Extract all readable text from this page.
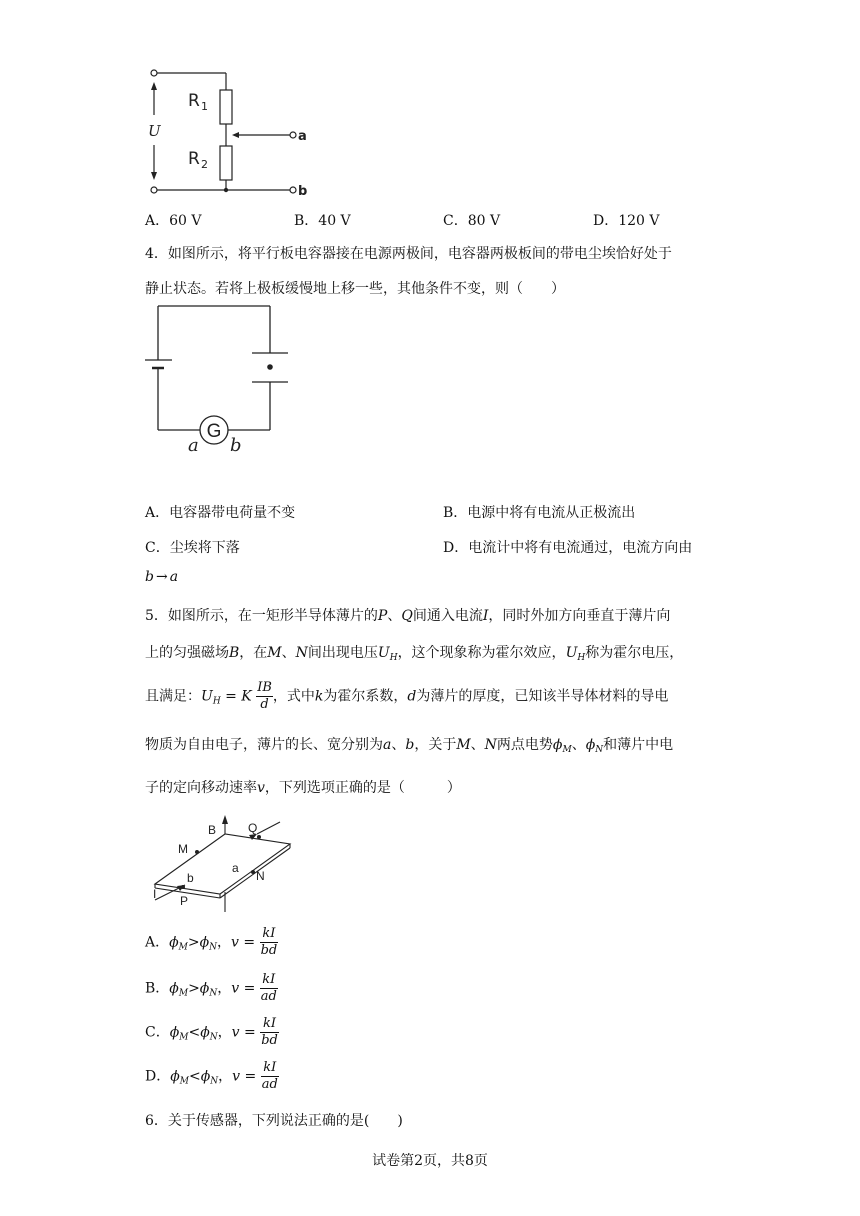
U
R 1
R 2
a
b
A．60 V	B．40 V	C．80 V	D．120 V
4．如图所示，将平行板电容器接在电源两极间，电容器两极板间的带电尘埃恰好处于
静止状态。若将上极板缓慢地上移一些，其他条件不变，则（　　）
G
a b
A．电容器带电荷量不变	B．电源中将有电流从正极流出
C．尘埃将下落	D．电流计中将有电流通过，电流方向由
b → a
5．如图所示，在一矩形半导体薄片的P、Q间通入电流I，同时外加方向垂直于薄片向
上的匀强磁场B，在M、N间出现电压$U_H$，这个现象称为霍尔效应，$U_H$称为霍尔电压，
且满足：$U_H = K \frac{IB}{d}$ ，式中k为霍尔系数，d为薄片的厚度，已知该半导体材料的导电
物质为自由电子，薄片的长、宽分别为a、b，关于M、N两点电势$\phi_M$、$\phi_N$和薄片中电
子的定向移动速率v，下列选项正确的是（　　　）
B	Q
M
a
b	N
I P
A．$\phi_M>\phi_N$，$v = \frac{kI}{bd}$
B．$\phi_M>\phi_N$，$v = \frac{kI}{ad}$
C．$\phi_M<\phi_N$，$v = \frac{kI}{bd}$
D．$\phi_M<\phi_N$，$v = \frac{kI}{ad}$
6．关于传感器，下列说法正确的是(　　)
试卷第2页，共8页
